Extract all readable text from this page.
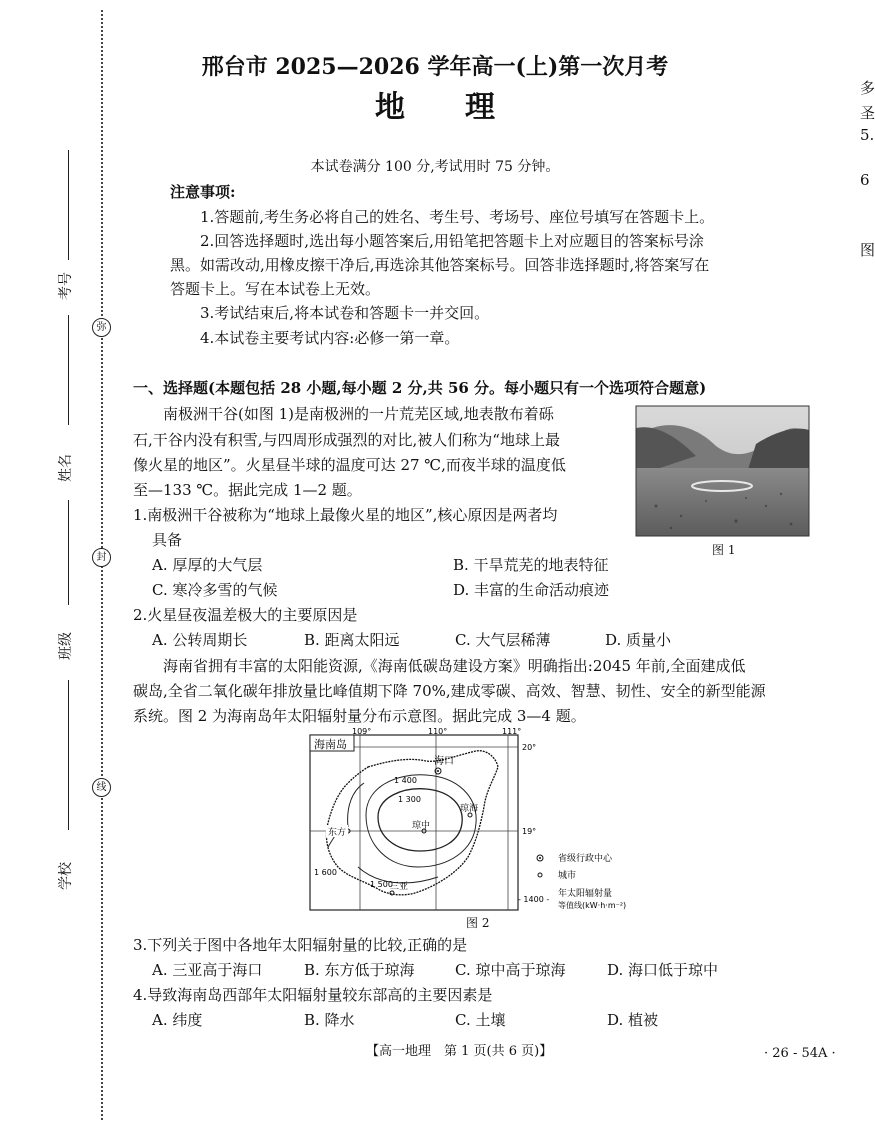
考号
姓名
班级
学校
弥
封
线
多
圣
5.
6
图
邢台市 2025—2026 学年高一(上)第一次月考
地　　理
本试卷满分 100 分,考试用时 75 分钟。
注意事项:
1.答题前,考生务必将自己的姓名、考生号、考场号、座位号填写在答题卡上。
2.回答选择题时,选出每小题答案后,用铅笔把答题卡上对应题目的答案标号涂
黑。如需改动,用橡皮擦干净后,再选涂其他答案标号。回答非选择题时,将答案写在
答题卡上。写在本试卷上无效。
3.考试结束后,将本试卷和答题卡一并交回。
4.本试卷主要考试内容:必修一第一章。
一、选择题(本题包括 28 小题,每小题 2 分,共 56 分。每小题只有一个选项符合题意)
南极洲干谷(如图 1)是南极洲的一片荒芜区域,地表散布着砾
石,干谷内没有积雪,与四周形成强烈的对比,被人们称为“地球上最
像火星的地区”。火星昼半球的温度可达 27 ℃,而夜半球的温度低
至—133 ℃。据此完成 1—2 题。
图 1
1.南极洲干谷被称为“地球上最像火星的地区”,核心原因是两者均
具备
A. 厚厚的大气层	B. 干旱荒芜的地表特征
C. 寒冷多雪的气候	D. 丰富的生命活动痕迹
2.火星昼夜温差极大的主要原因是
A. 公转周期长	B. 距离太阳远	C. 大气层稀薄	D. 质量小
海南省拥有丰富的太阳能资源,《海南低碳岛建设方案》明确指出:2045 年前,全面建成低
碳岛,全省二氧化碳年排放量比峰值期下降 70%,建成零碳、高效、智慧、韧性、安全的新型能源
系统。图 2 为海南岛年太阳辐射量分布示意图。据此完成 3—4 题。
海南岛
109°	110°	111°
20°
19°
1 400
1 300
1 600
1 500
海口
琼海
琼中
东方
三亚
省级行政中心
城市
- 1400 -
年太阳辐射量
等值线(kW·h·m⁻²)
图 2
3.下列关于图中各地年太阳辐射量的比较,正确的是
A. 三亚高于海口	B. 东方低于琼海	C. 琼中高于琼海	D. 海口低于琼中
4.导致海南岛西部年太阳辐射量较东部高的主要因素是
A. 纬度	B. 降水	C. 土壤	D. 植被
【高一地理　第 1 页(共 6 页)】	· 26 - 54A ·
